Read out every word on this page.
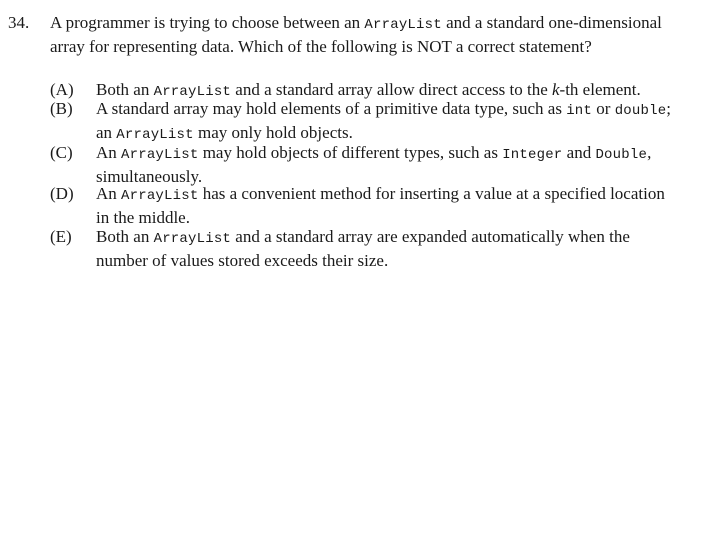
34. A programmer is trying to choose between an ArrayList and a standard one-dimensional

array for representing data. Which of the following is NOT a correct statement?

(A)	Both an ArrayList and a standard array allow direct access to the k-th element.

(B)	A standard array may hold elements of a primitive data type, such as int or double;

an ArrayList may only hold objects.

(C)	An ArrayList may hold objects of different types, such as Integer and Double,

simultaneously.

(D)	An ArrayList has a convenient method for inserting a value at a specified location

in the middle.

(E)	Both an ArrayList and a standard array are expanded automatically when the

number of values stored exceeds their size.
